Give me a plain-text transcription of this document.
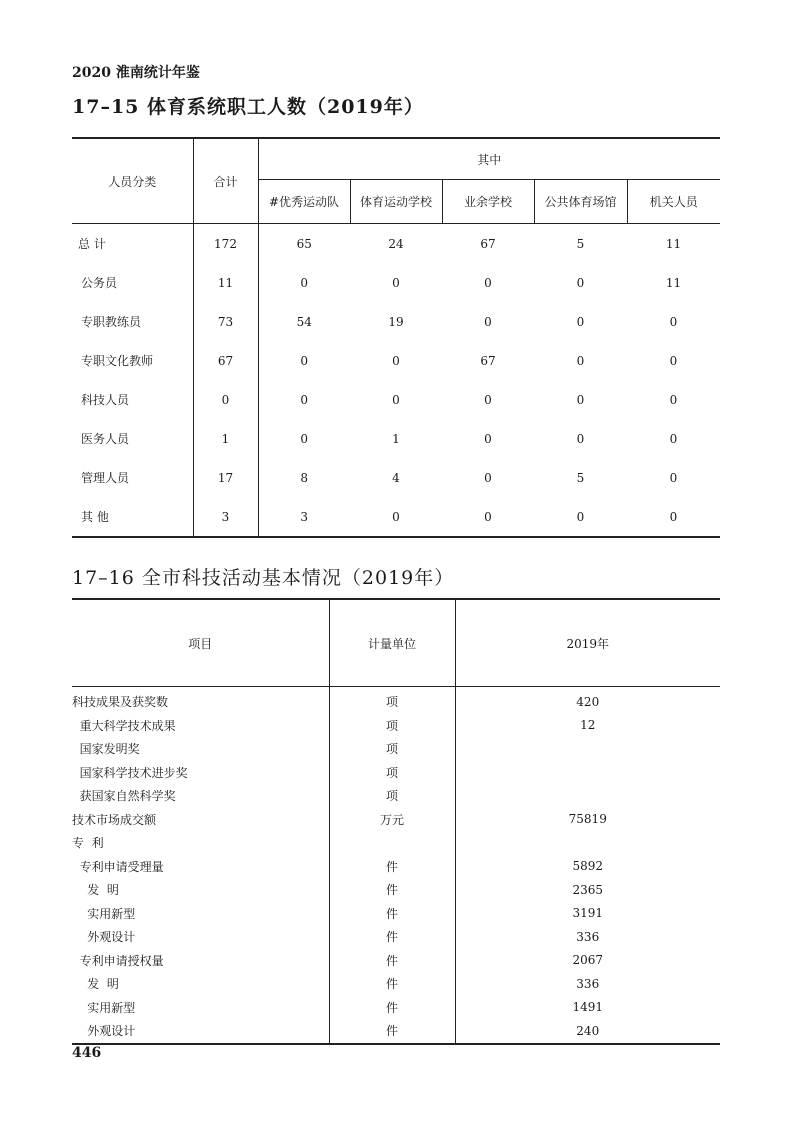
2020 淮南统计年鉴
17–15 体育系统职工人数（2019年）
人员分类	合计	其中				
		#优秀运动队	体育运动学校	业余学校	公共体育场馆	机关人员
总 计	172	65	24	67	5	11
公务员	11	0	0	0	0	11
专职教练员	73	54	19	0	0	0
专职文化教师	67	0	0	67	0	0
科技人员	0	0	0	0	0	0
医务人员	1	0	1	0	0	0
管理人员	17	8	4	0	5	0
其 他	3	3	0	0	0	0
17–16 全市科技活动基本情况（2019年）
项目	计量单位	2019年
科技成果及获奖数	项	420
重大科学技术成果	项	12
国家发明奖	项	
国家科学技术进步奖	项	
获国家自然科学奖	项	
技术市场成交额	万元	75819
专  利		
专利申请受理量	件	5892
发  明	件	2365
实用新型	件	3191
外观设计	件	336
专利申请授权量	件	2067
发  明	件	336
实用新型	件	1491
外观设计	件	240
446
